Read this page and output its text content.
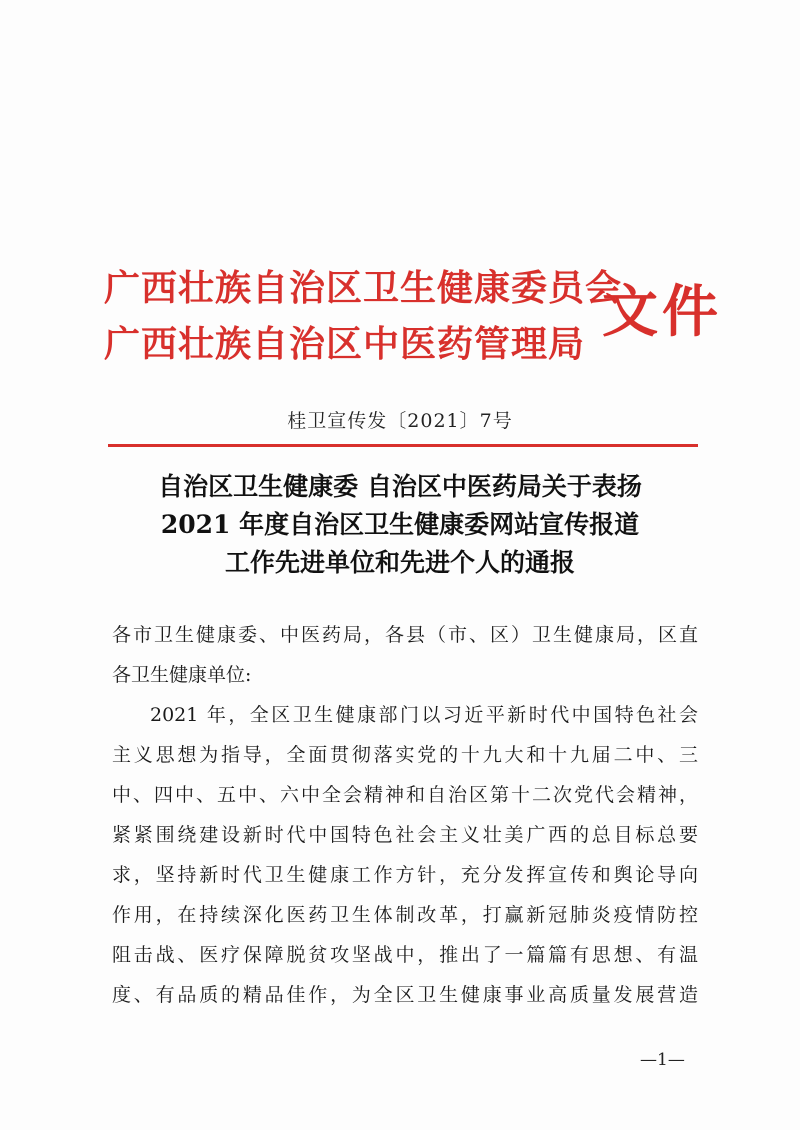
广西壮族自治区卫生健康委员会
广西壮族自治区中医药管理局 文件
桂卫宣传发〔2021〕7号
自治区卫生健康委 自治区中医药局关于表扬
2021 年度自治区卫生健康委网站宣传报道
工作先进单位和先进个人的通报
各市卫生健康委、中医药局，各县（市、区）卫生健康局，区直
各卫生健康单位:
2021 年，全区卫生健康部门以习近平新时代中国特色社会
主义思想为指导，全面贯彻落实党的十九大和十九届二中、三
中、四中、五中、六中全会精神和自治区第十二次党代会精神，
紧紧围绕建设新时代中国特色社会主义壮美广西的总目标总要
求，坚持新时代卫生健康工作方针，充分发挥宣传和舆论导向
作用，在持续深化医药卫生体制改革，打赢新冠肺炎疫情防控
阻击战、医疗保障脱贫攻坚战中，推出了一篇篇有思想、有温
度、有品质的精品佳作，为全区卫生健康事业高质量发展营造
—1—
